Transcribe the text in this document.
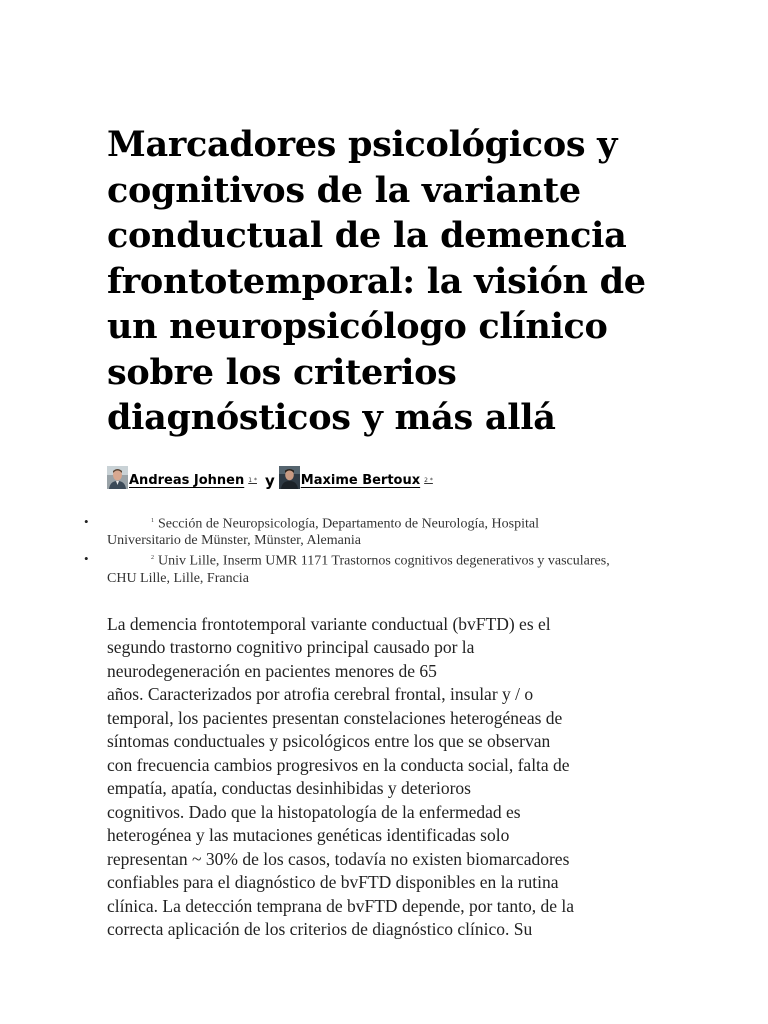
Marcadores psicológicos y
cognitivos de la variante
conductual de la demencia
frontotemporal: la visión de
un neuropsicólogo clínico
sobre los criterios
diagnósticos y más allá
Andreas Johnen 1 * y Maxime Bertoux 2 *
•	$^1$ Sección de Neuropsicología, Departamento de Neurología, Hospital
Universitario de Münster, Münster, Alemania
•	$^2$ Univ Lille, Inserm UMR 1171 Trastornos cognitivos degenerativos y vasculares,
CHU Lille, Lille, Francia
La demencia frontotemporal variante conductual (bvFTD) es el
segundo trastorno cognitivo principal causado por la
neurodegeneración en pacientes menores de 65
años. Caracterizados por atrofia cerebral frontal, insular y / o
temporal, los pacientes presentan constelaciones heterogéneas de
síntomas conductuales y psicológicos entre los que se observan
con frecuencia cambios progresivos en la conducta social, falta de
empatía, apatía, conductas desinhibidas y deterioros
cognitivos. Dado que la histopatología de la enfermedad es
heterogénea y las mutaciones genéticas identificadas solo
representan ~ 30% de los casos, todavía no existen biomarcadores
confiables para el diagnóstico de bvFTD disponibles en la rutina
clínica. La detección temprana de bvFTD depende, por tanto, de la
correcta aplicación de los criterios de diagnóstico clínico. Su
